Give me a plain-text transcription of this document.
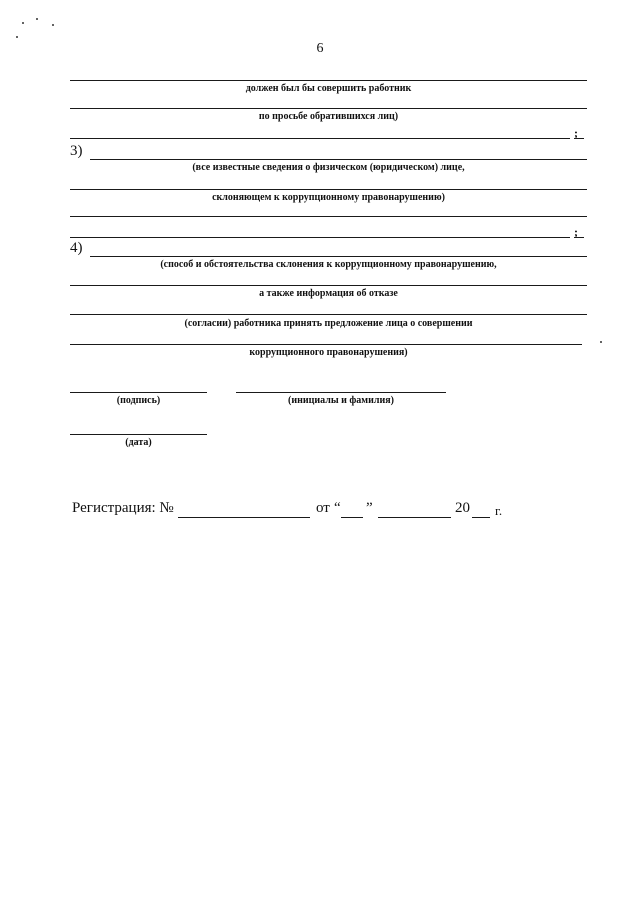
6
должен был бы совершить работник
по просьбе обратившихся лиц)
;
3)
(все известные сведения о физическом (юридическом) лице,
склоняющем к коррупционному правонарушению)
;
4)
(способ и обстоятельства склонения к коррупционному правонарушению,
а также информация об отказе
(согласии) работника принять предложение лица о совершении
коррупционного правонарушения)
(подпись)	(инициалы и фамилия)
(дата)
Регистрация: №	от “ ”	20 г.
